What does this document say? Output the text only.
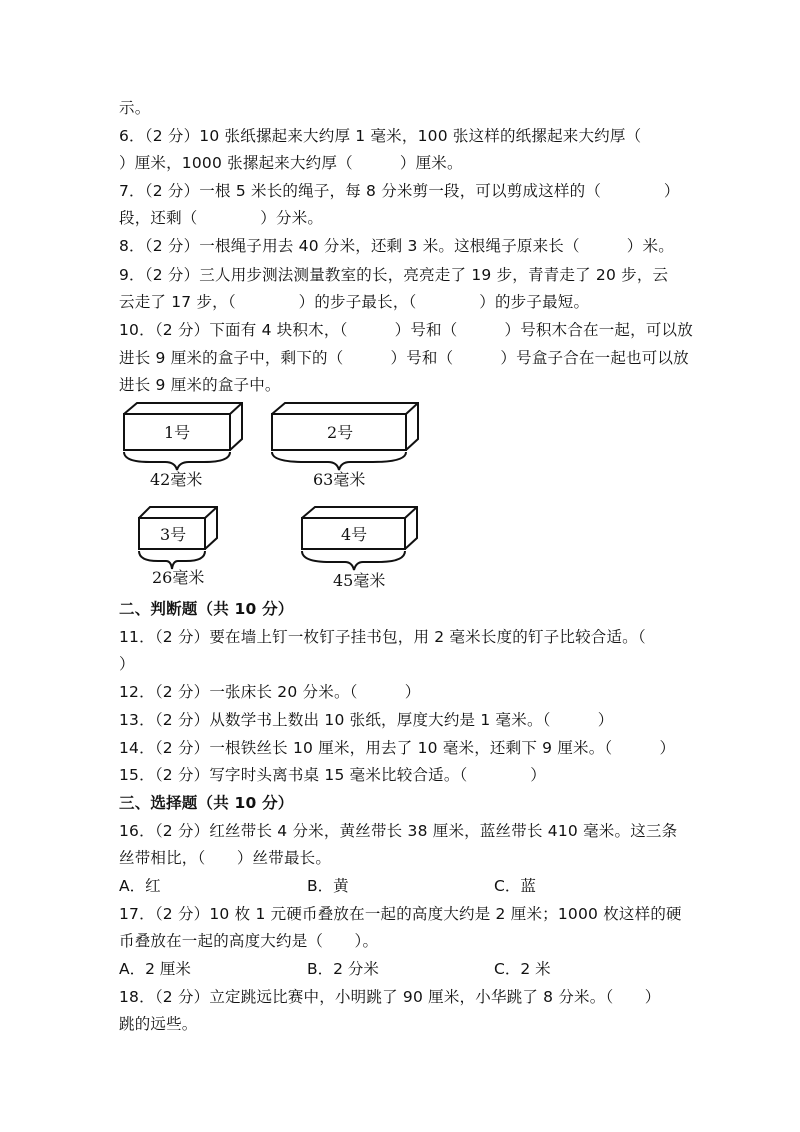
示。
6．（2 分）10 张纸摞起来大约厚 1 毫米，100 张这样的纸摞起来大约厚（
）厘米，1000 张摞起来大约厚（　　　）厘米。
7．（2 分）一根 5 米长的绳子，每 8 分米剪一段，可以剪成这样的（　　　　）
段，还剩（　　　　）分米。
8．（2 分）一根绳子用去 40 分米，还剩 3 米。这根绳子原来长（　　　）米。
9．（2 分）三人用步测法测量教室的长，亮亮走了 19 步，青青走了 20 步，云
云走了 17 步，（　　　　）的步子最长，（　　　　）的步子最短。
10．（2 分）下面有 4 块积木，（　　　）号和（　　　）号积木合在一起，可以放
进长 9 厘米的盒子中，剩下的（　　　）号和（　　　）号盒子合在一起也可以放
进长 9 厘米的盒子中。
1号	2号
3号	4号
42毫米	63毫米
26毫米	45毫米
二、判断题（共 10 分）
11．（2 分）要在墙上钉一枚钉子挂书包，用 2 毫米长度的钉子比较合适。（
）
12．（2 分）一张床长 20 分米。（　　　）
13．（2 分）从数学书上数出 10 张纸，厚度大约是 1 毫米。（　　　）
14．（2 分）一根铁丝长 10 厘米，用去了 10 毫米，还剩下 9 厘米。（　　　）
15．（2 分）写字时头离书桌 15 毫米比较合适。（　　　　）
三、选择题（共 10 分）
16．（2 分）红丝带长 4 分米，黄丝带长 38 厘米，蓝丝带长 410 毫米。这三条
丝带相比，（　　）丝带最长。
A．红	B．黄	C．蓝
17．（2 分）10 枚 1 元硬币叠放在一起的高度大约是 2 厘米；1000 枚这样的硬
币叠放在一起的高度大约是（　　）。
A．2 厘米	B．2 分米	C．2 米
18．（2 分）立定跳远比赛中，小明跳了 90 厘米，小华跳了 8 分米。（　　）
跳的远些。
